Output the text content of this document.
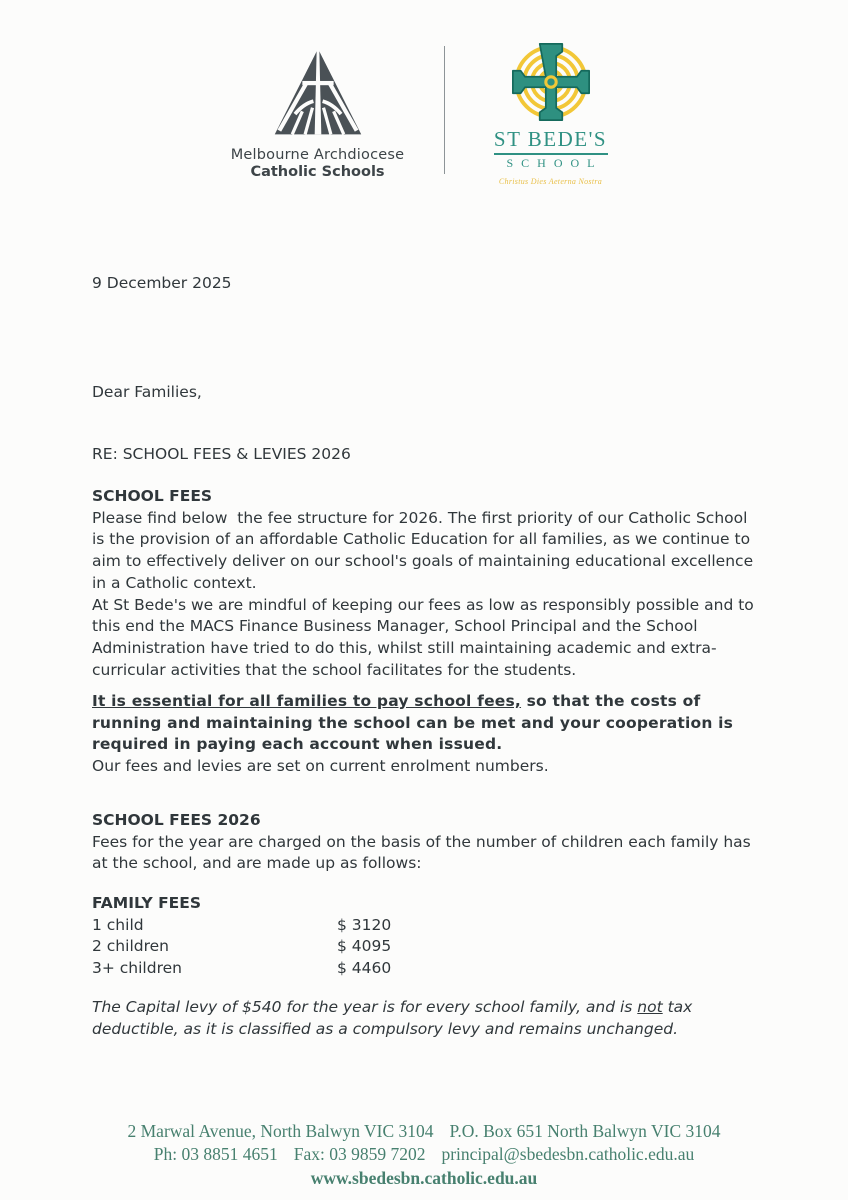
Melbourne Archdiocese
Catholic Schools
ST BEDE'S
SCHOOL
Christus Dies Aeterna Nostra
9 December 2025
Dear Families,
RE: SCHOOL FEES & LEVIES 2026
SCHOOL FEES
Please find below  the fee structure for 2026. The first priority of our Catholic School is the provision of an affordable Catholic Education for all families, as we continue to aim to effectively deliver on our school's goals of maintaining educational excellence in a Catholic context.
At St Bede's we are mindful of keeping our fees as low as responsibly possible and to this end the MACS Finance Business Manager, School Principal and the School Administration have tried to do this, whilst still maintaining academic and extra-curricular activities that the school facilitates for the students.
It is essential for all families to pay school fees, so that the costs of running and maintaining the school can be met and your cooperation is required in paying each account when issued.
Our fees and levies are set on current enrolment numbers.
SCHOOL FEES 2026
Fees for the year are charged on the basis of the number of children each family has at the school, and are made up as follows:
FAMILY FEES
1 child	$ 3120
2 children	$ 4095
3+ children	$ 4460
The Capital levy of $540 for the year is for every school family, and is not tax deductible, as it is classified as a compulsory levy and remains unchanged.
2 Marwal Avenue, North Balwyn VIC 3104 P.O. Box 651 North Balwyn VIC 3104
Ph: 03 8851 4651 Fax: 03 9859 7202 principal@sbedesbn.catholic.edu.au
www.sbedesbn.catholic.edu.au
